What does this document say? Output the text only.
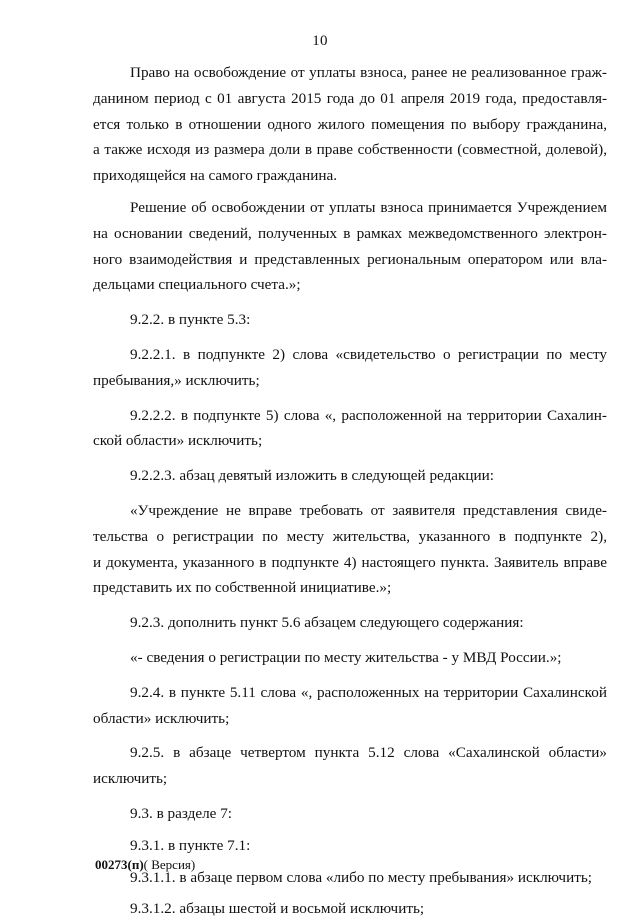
10
Право на освобождение от уплаты взноса, ранее не реализованное граж-
данином период с 01 августа 2015 года до 01 апреля 2019 года, предоставля-
ется только в отношении одного жилого помещения по выбору гражданина,
а также исходя из размера доли в праве собственности (совместной, долевой),
приходящейся на самого гражданина.
Решение об освобождении от уплаты взноса принимается Учреждением
на основании сведений, полученных в рамках межведомственного электрон-
ного взаимодействия и представленных региональным оператором или вла-
дельцами специального счета.»;
9.2.2. в пункте 5.3:
9.2.2.1. в подпункте 2) слова «свидетельство о регистрации по месту
пребывания,» исключить;
9.2.2.2. в подпункте 5) слова «, расположенной на территории Сахалин-
ской области» исключить;
9.2.2.3. абзац девятый изложить в следующей редакции:
«Учреждение не вправе требовать от заявителя представления свиде-
тельства о регистрации по месту жительства, указанного в подпункте 2),
и документа, указанного в подпункте 4) настоящего пункта. Заявитель вправе
представить их по собственной инициативе.»;
9.2.3. дополнить пункт 5.6 абзацем следующего содержания:
«- сведения о регистрации по месту жительства - у МВД России.»;
9.2.4. в пункте 5.11 слова «, расположенных на территории Сахалинской
области» исключить;
9.2.5. в абзаце четвертом пункта 5.12 слова «Сахалинской области»
исключить;
9.3. в разделе 7:
9.3.1. в пункте 7.1:
9.3.1.1. в абзаце первом слова «либо по месту пребывания» исключить;
9.3.1.2. абзацы шестой и восьмой исключить;
00273(п)( Версия)
